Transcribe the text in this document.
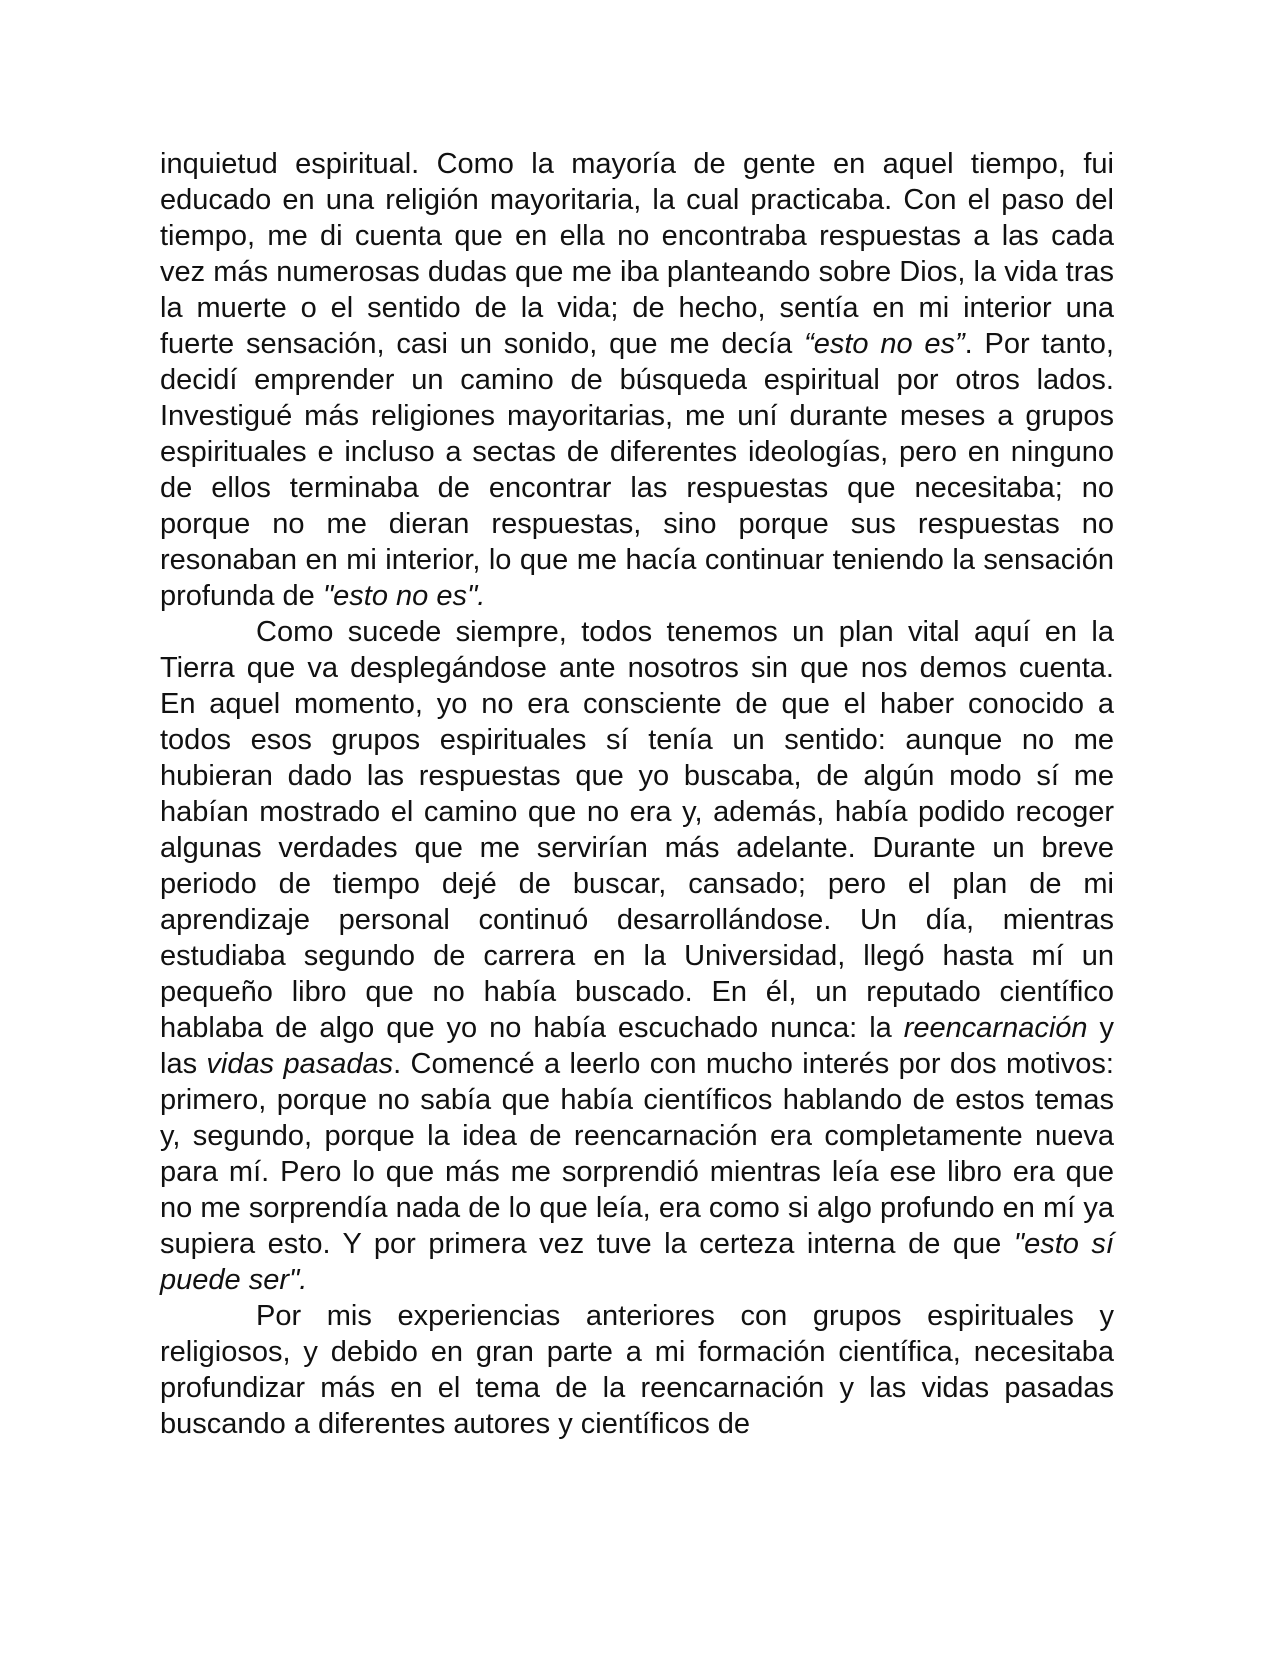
inquietud espiritual. Como la mayoría de gente en aquel tiempo, fui educado en una religión mayoritaria, la cual practicaba. Con el paso del tiempo, me di cuenta que en ella no encontraba respuestas a las cada vez más numerosas dudas que me iba planteando sobre Dios, la vida tras la muerte o el sentido de la vida; de hecho, sentía en mi interior una fuerte sensación, casi un sonido, que me decía “esto no es”. Por tanto, decidí emprender un camino de búsqueda espiritual por otros lados. Investigué más religiones mayoritarias, me uní durante meses a grupos espirituales e incluso a sectas de diferentes ideologías, pero en ninguno de ellos terminaba de encontrar las respuestas que necesitaba; no porque no me dieran respuestas, sino porque sus respuestas no resonaban en mi interior, lo que me hacía continuar teniendo la sensación profunda de "esto no es".

Como sucede siempre, todos tenemos un plan vital aquí en la Tierra que va desplegándose ante nosotros sin que nos demos cuenta. En aquel momento, yo no era consciente de que el haber conocido a todos esos grupos espirituales sí tenía un sentido: aunque no me hubieran dado las respuestas que yo buscaba, de algún modo sí me habían mostrado el camino que no era y, además, había podido recoger algunas verdades que me servirían más adelante. Durante un breve periodo de tiempo dejé de buscar, cansado; pero el plan de mi aprendizaje personal continuó desarrollándose. Un día, mientras estudiaba segundo de carrera en la Universidad, llegó hasta mí un pequeño libro que no había buscado. En él, un reputado científico hablaba de algo que yo no había escuchado nunca: la reencarnación y las vidas pasadas. Comencé a leerlo con mucho interés por dos motivos: primero, porque no sabía que había científicos hablando de estos temas y, segundo, porque la idea de reencarnación era completamente nueva para mí. Pero lo que más me sorprendió mientras leía ese libro era que no me sorprendía nada de lo que leía, era como si algo profundo en mí ya supiera esto. Y por primera vez tuve la certeza interna de que "esto sí puede ser".

Por mis experiencias anteriores con grupos espirituales y religiosos, y debido en gran parte a mi formación científica, necesitaba profundizar más en el tema de la reencarnación y las vidas pasadas buscando a diferentes autores y científicos de
